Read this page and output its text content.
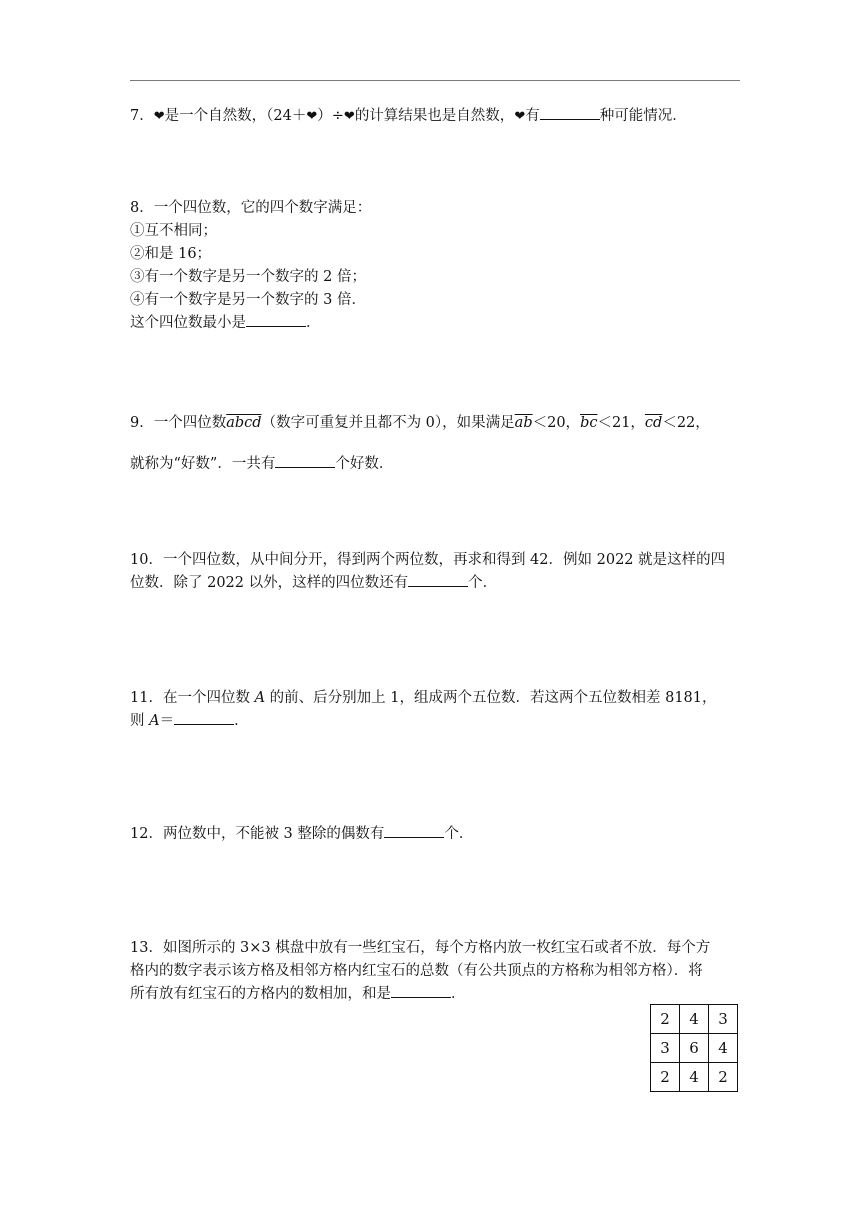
7．❤是一个自然数，（24＋❤）÷❤的计算结果也是自然数，❤有	种可能情况．
8．一个四位数，它的四个数字满足：
①互不相同；
②和是 16；
③有一个数字是另一个数字的 2 倍；
④有一个数字是另一个数字的 3 倍．
这个四位数最小是	．
9．一个四位数abcd（数字可重复并且都不为 0），如果满足$\overline{ab}<20$，$\overline{bc}<21$，$\overline{cd}<22$，
就称为“好数”．一共有	个好数．
10．一个四位数，从中间分开，得到两个两位数，再求和得到 42．例如 2022 就是这样的四
位数．除了 2022 以外，这样的四位数还有	个．
11．在一个四位数 A 的前、后分别加上 1，组成两个五位数．若这两个五位数相差 8181，
则 A＝	．
12．两位数中，不能被 3 整除的偶数有	个．
13．如图所示的 3×3 棋盘中放有一些红宝石，每个方格内放一枚红宝石或者不放．每个方
格内的数字表示该方格及相邻方格内红宝石的总数（有公共顶点的方格称为相邻方格）．将
所有放有红宝石的方格内的数相加，和是	．
2	4	3
3	6	4
2	4	2
